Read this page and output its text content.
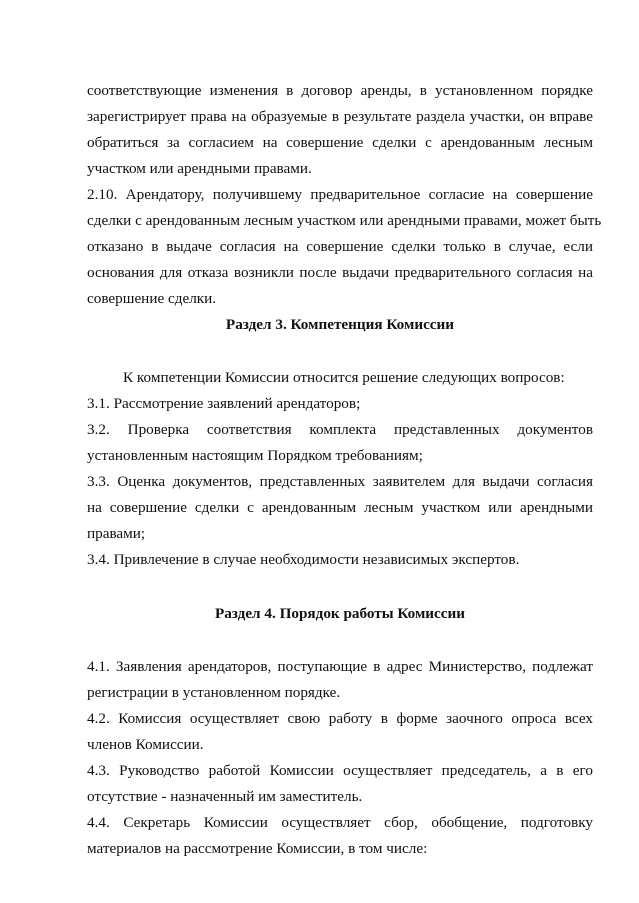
соответствующие изменения в договор аренды, в установленном порядке
зарегистрирует права на образуемые в результате раздела участки, он вправе
обратиться за согласием на совершение сделки с арендованным лесным
участком или арендными правами.
2.10. Арендатору, получившему предварительное согласие на совершение
сделки с арендованным лесным участком или арендными правами, может быть
отказано в выдаче согласия на совершение сделки только в случае, если
основания для отказа возникли после выдачи предварительного согласия на
совершение сделки.
Раздел 3. Компетенция Комиссии
К компетенции Комиссии относится решение следующих вопросов:
3.1. Рассмотрение заявлений арендаторов;
3.2. Проверка соответствия комплекта представленных документов
установленным настоящим Порядком требованиям;
3.3. Оценка документов, представленных заявителем для выдачи согласия
на совершение сделки с арендованным лесным участком или арендными
правами;
3.4. Привлечение в случае необходимости независимых экспертов.
Раздел 4. Порядок работы Комиссии
4.1. Заявления арендаторов, поступающие в адрес Министерство, подлежат
регистрации в установленном порядке.
4.2. Комиссия осуществляет свою работу в форме заочного опроса всех
членов Комиссии.
4.3. Руководство работой Комиссии осуществляет председатель, а в его
отсутствие - назначенный им заместитель.
4.4. Секретарь Комиссии осуществляет сбор, обобщение, подготовку
материалов на рассмотрение Комиссии, в том числе:
